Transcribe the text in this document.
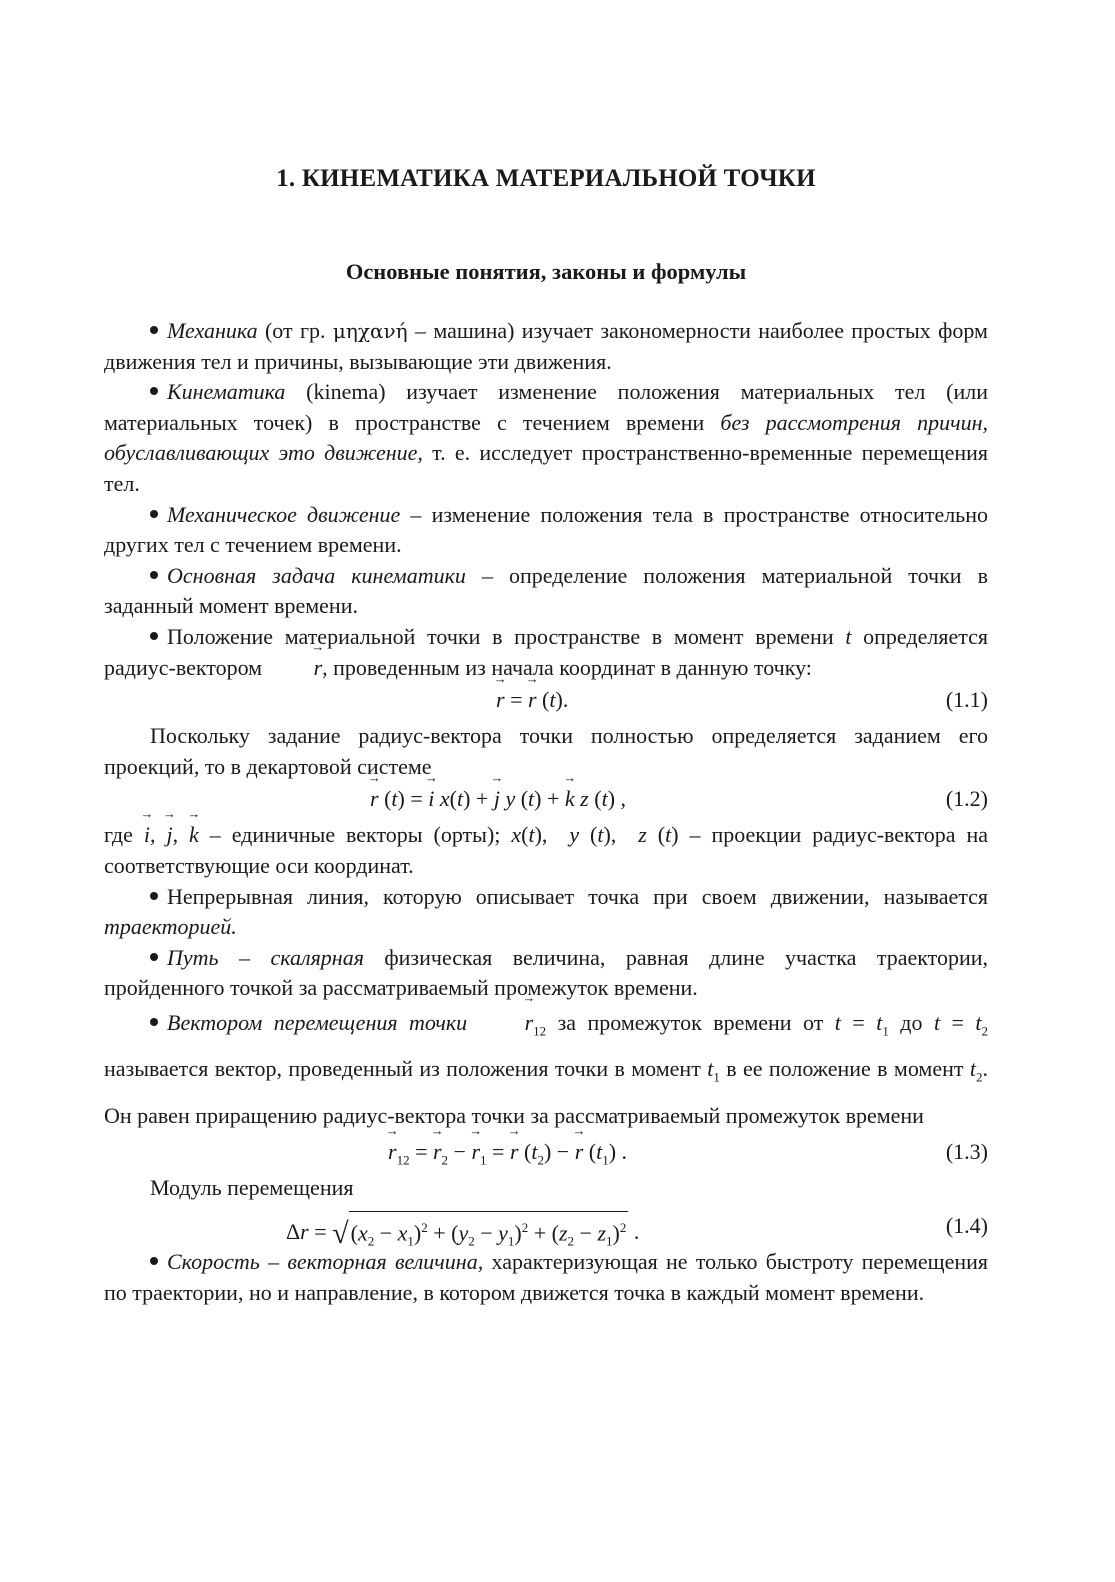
1. КИНЕМАТИКА МАТЕРИАЛЬНОЙ ТОЧКИ
Основные понятия, законы и формулы

Механика (от гр. μηχανή – машина) изучает закономерности наиболее простых форм движения тел и причины, вызывающие эти движения.

Кинематика (kinema) изучает изменение положения материальных тел (или материальных точек) в пространстве с течением времени без рассмотрения причин, обуславливающих это движение, т. е. исследует пространственно-временные перемещения тел.

Механическое движение – изменение положения тела в пространстве относительно других тел с течением времени.

Основная задача кинематики – определение положения материальной точки в заданный момент времени.

Положение материальной точки в пространстве в момент времени t определяется радиус-вектором → r, проведенным из начала координат в данную точку:

→ r = → r (t).	(1.1)

Поскольку задание радиус-вектора точки полностью определяется заданием его проекций, то в декартовой системе

→ r (t) = → i x(t) + → j y (t) + → k z (t) ,	(1.2)

где → i, → j, → k – единичные векторы (орты); x(t),  y (t),  z (t) – проекции радиус-вектора на соответствующие оси координат.

Непрерывная линия, которую описывает точка при своем движении, называется траекторией.

Путь – скалярная физическая величина, равная длине участка траектории, пройденного точкой за рассматриваемый промежуток времени.

Вектором перемещения точки →	$r_{12}$ за промежуток времени от $t = t_1$ до $t = t_2$ называется вектор, проведенный из положения точки в момент $t_1$ в ее положение в момент $t_2$. Он равен приращению радиус-вектора точки за рассматриваемый промежуток времени

→ $r_{12}$ = → $r_2$ − → $r_1$ = → r $(t_2)$ − → r $(t_1)$ .	(1.3)

Модуль перемещения

$\Delta r = √(x_2 - x_1)^2 + (y_2 - y_1)^2 + (z_2 - z_1)^2$ .	(1.4)

Скорость – векторная величина, характеризующая не только быстроту перемещения по траектории, но и направление, в котором движется точка в каждый момент времени.
